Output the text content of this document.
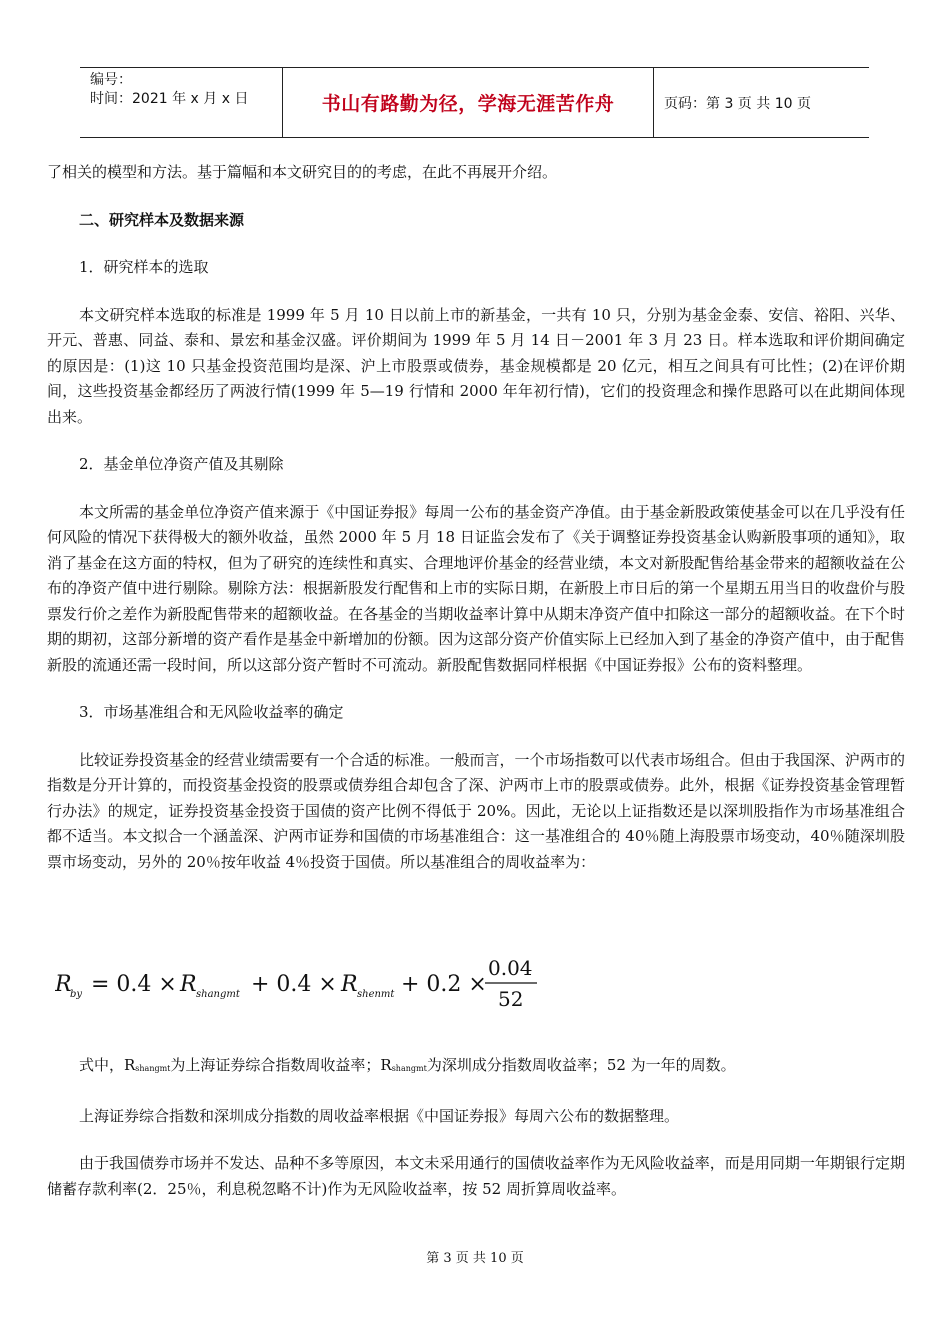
编号：
时间：2021 年 x 月 x 日	书山有路勤为径，学海无涯苦作舟	页码：第 3 页 共 10 页

了相关的模型和方法。基于篇幅和本文研究目的的考虑，在此不再展开介绍。

二、研究样本及数据来源

1．研究样本的选取

本文研究样本选取的标准是 1999 年 5 月 10 日以前上市的新基金，一共有 10 只，分别为基金金泰、安信、裕阳、兴华、开元、普惠、同益、泰和、景宏和基金汉盛。评价期间为 1999 年 5 月 14 日－2001 年 3 月 23 日。样本选取和评价期间确定的原因是：(1)这 10 只基金投资范围均是深、沪上市股票或债券，基金规模都是 20 亿元，相互之间具有可比性；(2)在评价期间，这些投资基金都经历了两波行情(1999 年 5—19 行情和 2000 年年初行情)，它们的投资理念和操作思路可以在此期间体现出来。

2．基金单位净资产值及其剔除

本文所需的基金单位净资产值来源于《中国证券报》每周一公布的基金资产净值。由于基金新股政策使基金可以在几乎没有任何风险的情况下获得极大的额外收益，虽然 2000 年 5 月 18 日证监会发布了《关于调整证券投资基金认购新股事项的通知》，取消了基金在这方面的特权，但为了研究的连续性和真实、合理地评价基金的经营业绩，本文对新股配售给基金带来的超额收益在公布的净资产值中进行剔除。剔除方法：根据新股发行配售和上市的实际日期，在新股上市日后的第一个星期五用当日的收盘价与股票发行价之差作为新股配售带来的超额收益。在各基金的当期收益率计算中从期末净资产值中扣除这一部分的超额收益。在下个时期的期初，这部分新增的资产看作是基金中新增加的份额。因为这部分资产价值实际上已经加入到了基金的净资产值中，由于配售新股的流通还需一段时间，所以这部分资产暂时不可流动。新股配售数据同样根据《中国证券报》公布的资料整理。

3．市场基准组合和无风险收益率的确定

比较证券投资基金的经营业绩需要有一个合适的标准。一般而言，一个市场指数可以代表市场组合。但由于我国深、沪两市的指数是分开计算的，而投资基金投资的股票或债券组合却包含了深、沪两市上市的股票或债券。此外，根据《证券投资基金管理暂行办法》的规定，证券投资基金投资于国债的资产比例不得低于 20%。因此，无论以上证指数还是以深圳股指作为市场基准组合都不适当。本文拟合一个涵盖深、沪两市证券和国债的市场基准组合：这一基准组合的 40％随上海股票市场变动，40％随深圳股票市场变动，另外的 20％按年收益 4％投资于国债。所以基准组合的周收益率为：

R
by = 0.4 × R shangmt + 0.4 × R shenmt + 0.2 ×
0.04
52

式中，$R_{shangmt}$为上海证券综合指数周收益率；$R_{shangmt}$为深圳成分指数周收益率；52 为一年的周数。

上海证券综合指数和深圳成分指数的周收益率根据《中国证券报》每周六公布的数据整理。

由于我国债券市场并不发达、品种不多等原因，本文未采用通行的国债收益率作为无风险收益率，而是用同期一年期银行定期储蓄存款利率(2．25％，利息税忽略不计)作为无风险收益率，按 52 周折算周收益率。

第 3 页 共 10 页
